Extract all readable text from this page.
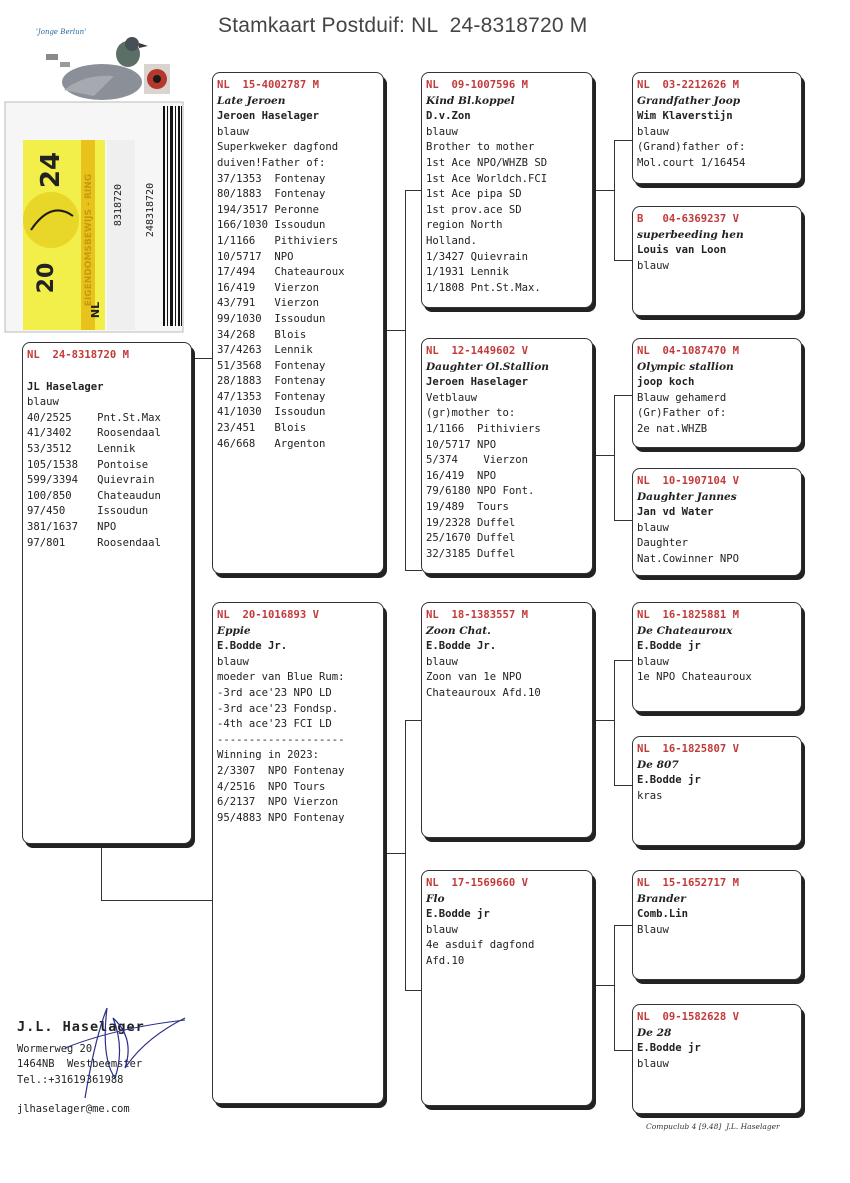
Stamkaart Postduif: NL  24-8318720 M
'Jonge Berlun'
24
20
NL
8318720 248318720
EIGENDOMSBEWIJS - RING
NL  24-8318720 M
JL Haselager
blauw
40/2525    Pnt.St.Max
41/3402    Roosendaal
53/3512    Lennik
105/1538   Pontoise
599/3394   Quievrain
100/850    Chateaudun
97/450     Issoudun
381/1637   NPO
97/801     Roosendaal
NL  15-4002787 M
Late Jeroen
Jeroen Haselager
blauw
Superkweker dagfond
duiven!Father of:
37/1353  Fontenay
80/1883  Fontenay
194/3517 Peronne
166/1030 Issoudun
1/1166   Pithiviers
10/5717  NPO
17/494   Chateauroux
16/419   Vierzon
43/791   Vierzon
99/1030  Issoudun
34/268   Blois
37/4263  Lennik
51/3568  Fontenay
28/1883  Fontenay
47/1353  Fontenay
41/1030  Issoudun
23/451   Blois
46/668   Argenton
NL  20-1016893 V
Eppie
E.Bodde Jr.
blauw
moeder van Blue Rum:
-3rd ace'23 NPO LD
-3rd ace'23 Fondsp.
-4th ace'23 FCI LD
--------------------
Winning in 2023:
2/3307  NPO Fontenay
4/2516  NPO Tours
6/2137  NPO Vierzon
95/4883 NPO Fontenay
NL  09-1007596 M
Kind Bl.koppel
D.v.Zon
blauw
Brother to mother
1st Ace NPO/WHZB SD
1st Ace Worldch.FCI
1st Ace pipa SD
1st prov.ace SD
region North
Holland.
1/3427 Quievrain
1/1931 Lennik
1/1808 Pnt.St.Max.
NL  12-1449602 V
Daughter Ol.Stallion
Jeroen Haselager
Vetblauw
(gr)mother to:
1/1166  Pithiviers
10/5717 NPO
5/374    Vierzon
16/419  NPO
79/6180 NPO Font.
19/489  Tours
19/2328 Duffel
25/1670 Duffel
32/3185 Duffel
NL  18-1383557 M
Zoon Chat.
E.Bodde Jr.
blauw
Zoon van 1e NPO
Chateauroux Afd.10
NL  17-1569660 V
Flo
E.Bodde jr
blauw
4e asduif dagfond
Afd.10
NL  03-2212626 M
Grandfather Joop
Wim Klaverstijn
blauw
(Grand)father of:
Mol.court 1/16454
B   04-6369237 V
superbeeding hen
Louis van Loon
blauw
NL  04-1087470 M
Olympic stallion
joop koch
Blauw gehamerd
(Gr)Father of:
2e nat.WHZB
NL  10-1907104 V
Daughter Jannes
Jan vd Water
blauw
Daughter
Nat.Cowinner NPO
NL  16-1825881 M
De Chateauroux
E.Bodde jr
blauw
1e NPO Chateauroux
NL  16-1825807 V
De 807
E.Bodde jr
kras
NL  15-1652717 M
Brander
Comb.Lin
Blauw
NL  09-1582628 V
De 28
E.Bodde jr
blauw
J.L. Haselager
Wormerweg 20
1464NB  Westbeemster
Tel.:+31619361988
jlhaselager@me.com
Compuclub 4 [9.48]  J.L. Haselager
